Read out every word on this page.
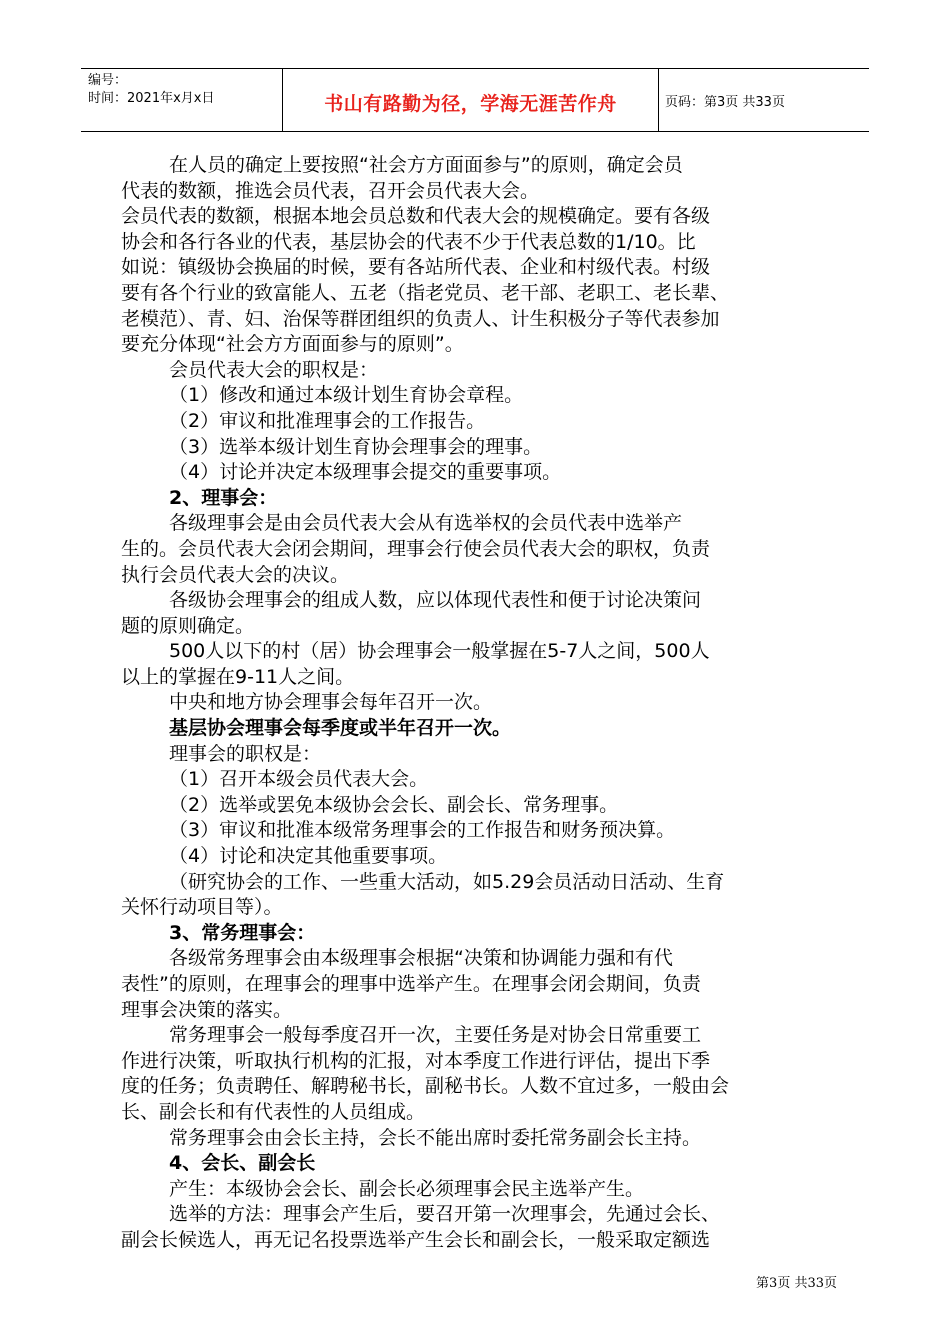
编号：
时间：2021年x月x日	书山有路勤为径，学海无涯苦作舟	页码：第3页 共33页
在人员的确定上要按照“社会方方面面参与”的原则，确定会员
代表的数额，推选会员代表，召开会员代表大会。
会员代表的数额，根据本地会员总数和代表大会的规模确定。要有各级
协会和各行各业的代表，基层协会的代表不少于代表总数的1/10。比
如说：镇级协会换届的时候，要有各站所代表、企业和村级代表。村级
要有各个行业的致富能人、五老（指老党员、老干部、老职工、老长辈、
老模范）、青、妇、治保等群团组织的负责人、计生积极分子等代表参加
要充分体现“社会方方面面参与的原则”。
会员代表大会的职权是：
（1）修改和通过本级计划生育协会章程。
（2）审议和批准理事会的工作报告。
（3）选举本级计划生育协会理事会的理事。
（4）讨论并决定本级理事会提交的重要事项。
2、理事会：
各级理事会是由会员代表大会从有选举权的会员代表中选举产
生的。会员代表大会闭会期间，理事会行使会员代表大会的职权，负责
执行会员代表大会的决议。
各级协会理事会的组成人数，应以体现代表性和便于讨论决策问
题的原则确定。
500人以下的村（居）协会理事会一般掌握在5-7人之间，500人
以上的掌握在9-11人之间。
中央和地方协会理事会每年召开一次。
基层协会理事会每季度或半年召开一次。
理事会的职权是：
（1）召开本级会员代表大会。
（2）选举或罢免本级协会会长、副会长、常务理事。
（3）审议和批准本级常务理事会的工作报告和财务预决算。
（4）讨论和决定其他重要事项。
（研究协会的工作、一些重大活动，如5.29会员活动日活动、生育
关怀行动项目等）。
3、常务理事会：
各级常务理事会由本级理事会根据“决策和协调能力强和有代
表性”的原则，在理事会的理事中选举产生。在理事会闭会期间，负责
理事会决策的落实。
常务理事会一般每季度召开一次，主要任务是对协会日常重要工
作进行决策，听取执行机构的汇报，对本季度工作进行评估，提出下季
度的任务；负责聘任、解聘秘书长，副秘书长。人数不宜过多，一般由会
长、副会长和有代表性的人员组成。
常务理事会由会长主持，会长不能出席时委托常务副会长主持。
4、会长、副会长
产生：本级协会会长、副会长必须理事会民主选举产生。
选举的方法：理事会产生后，要召开第一次理事会，先通过会长、
副会长候选人，再无记名投票选举产生会长和副会长，一般采取定额选
第3页 共33页
